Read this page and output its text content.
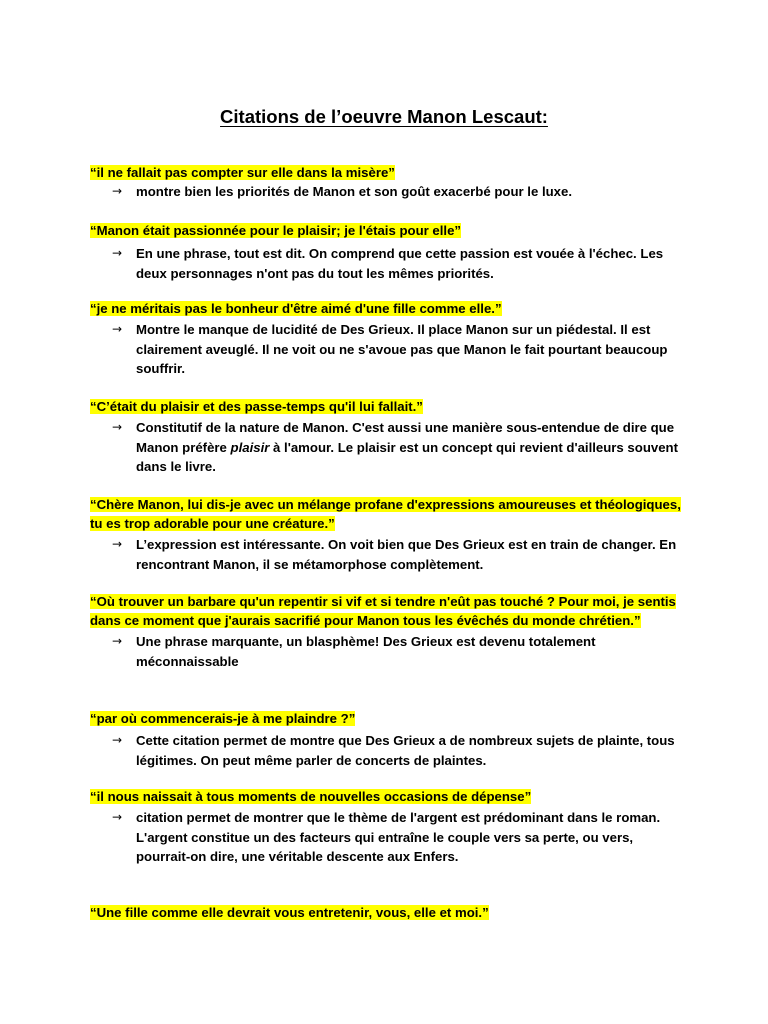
Citations de l’oeuvre Manon Lescaut:

“il ne fallait pas compter sur elle dans la misère”

→ montre bien les priorités de Manon et son goût exacerbé pour le luxe.

“Manon était passionnée pour le plaisir; je l'étais pour elle”

→ En une phrase, tout est dit. On comprend que cette passion est vouée à l'échec. Les deux personnages n'ont pas du tout les mêmes priorités.

“je ne méritais pas le bonheur d'être aimé d'une fille comme elle.”

→ Montre le manque de lucidité de Des Grieux. Il place Manon sur un piédestal. Il est clairement aveuglé. Il ne voit ou ne s'avoue pas que Manon le fait pourtant beaucoup souffrir.

“C’était du plaisir et des passe-temps qu'il lui fallait.”

→ Constitutif de la nature de Manon. C'est aussi une manière sous-entendue de dire que Manon préfère plaisir à l'amour. Le plaisir est un concept qui revient d'ailleurs souvent dans le livre.

“Chère Manon, lui dis-je avec un mélange profane d'expressions amoureuses et théologiques, tu es trop adorable pour une créature.”

→ L’expression est intéressante. On voit bien que Des Grieux est en train de changer. En rencontrant Manon, il se métamorphose complètement.

“Où trouver un barbare qu'un repentir si vif et si tendre n'eût pas touché ? Pour moi, je sentis dans ce moment que j'aurais sacrifié pour Manon tous les évêchés du monde chrétien.”

→ Une phrase marquante, un blasphème! Des Grieux est devenu totalement méconnaissable

“par où commencerais-je à me plaindre ?”

→ Cette citation permet de montre que Des Grieux a de nombreux sujets de plainte, tous légitimes. On peut même parler de concerts de plaintes.

“il nous naissait à tous moments de nouvelles occasions de dépense”

→ citation permet de montrer que le thème de l'argent est prédominant dans le roman. L'argent constitue un des facteurs qui entraîne le couple vers sa perte, ou vers, pourrait-on dire, une véritable descente aux Enfers.

“Une fille comme elle devrait vous entretenir, vous, elle et moi.”
